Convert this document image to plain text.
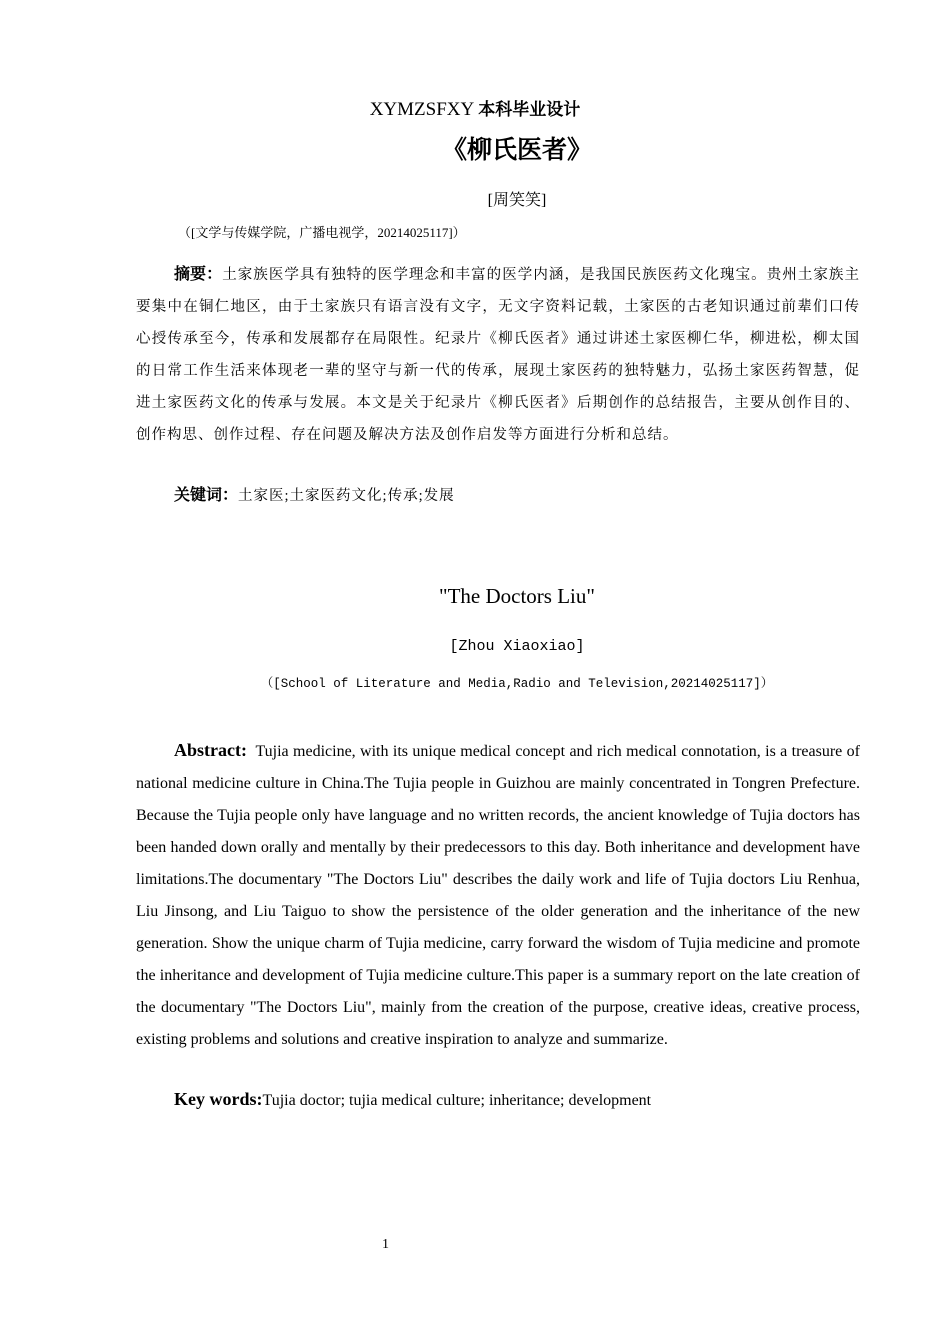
XYMZSFXY 本科毕业设计
《柳氏医者》
[周笑笑]
（[文学与传媒学院，广播电视学，20214025117]）
摘要：土家族医学具有独特的医学理念和丰富的医学内涵，是我国民族医药文化瑰宝。贵州土家族主要集中在铜仁地区，由于土家族只有语言没有文字，无文字资料记载，土家医的古老知识通过前辈们口传心授传承至今，传承和发展都存在局限性。纪录片《柳氏医者》通过讲述土家医柳仁华，柳进松，柳太国的日常工作生活来体现老一辈的坚守与新一代的传承，展现土家医药的独特魅力，弘扬土家医药智慧，促进土家医药文化的传承与发展。本文是关于纪录片《柳氏医者》后期创作的总结报告，主要从创作目的、创作构思、创作过程、存在问题及解决方法及创作启发等方面进行分析和总结。
关键词：土家医;土家医药文化;传承;发展
"The Doctors Liu"
[Zhou Xiaoxiao]
（[School of Literature and Media,Radio and Television,20214025117]）
Abstract: Tujia medicine, with its unique medical concept and rich medical connotation, is a treasure of national medicine culture in China.The Tujia people in Guizhou are mainly concentrated in Tongren Prefecture. Because the Tujia people only have language and no written records, the ancient knowledge of Tujia doctors has been handed down orally and mentally by their predecessors to this day. Both inheritance and development have limitations.The documentary "The Doctors Liu" describes the daily work and life of Tujia doctors Liu Renhua, Liu Jinsong, and Liu Taiguo to show the persistence of the older generation and the inheritance of the new generation. Show the unique charm of Tujia medicine, carry forward the wisdom of Tujia medicine and promote the inheritance and development of Tujia medicine culture.This paper is a summary report on the late creation of the documentary "The Doctors Liu", mainly from the creation of the purpose, creative ideas, creative process, existing problems and solutions and creative inspiration to analyze and summarize.
Key words:Tujia doctor; tujia medical culture; inheritance; development
1
